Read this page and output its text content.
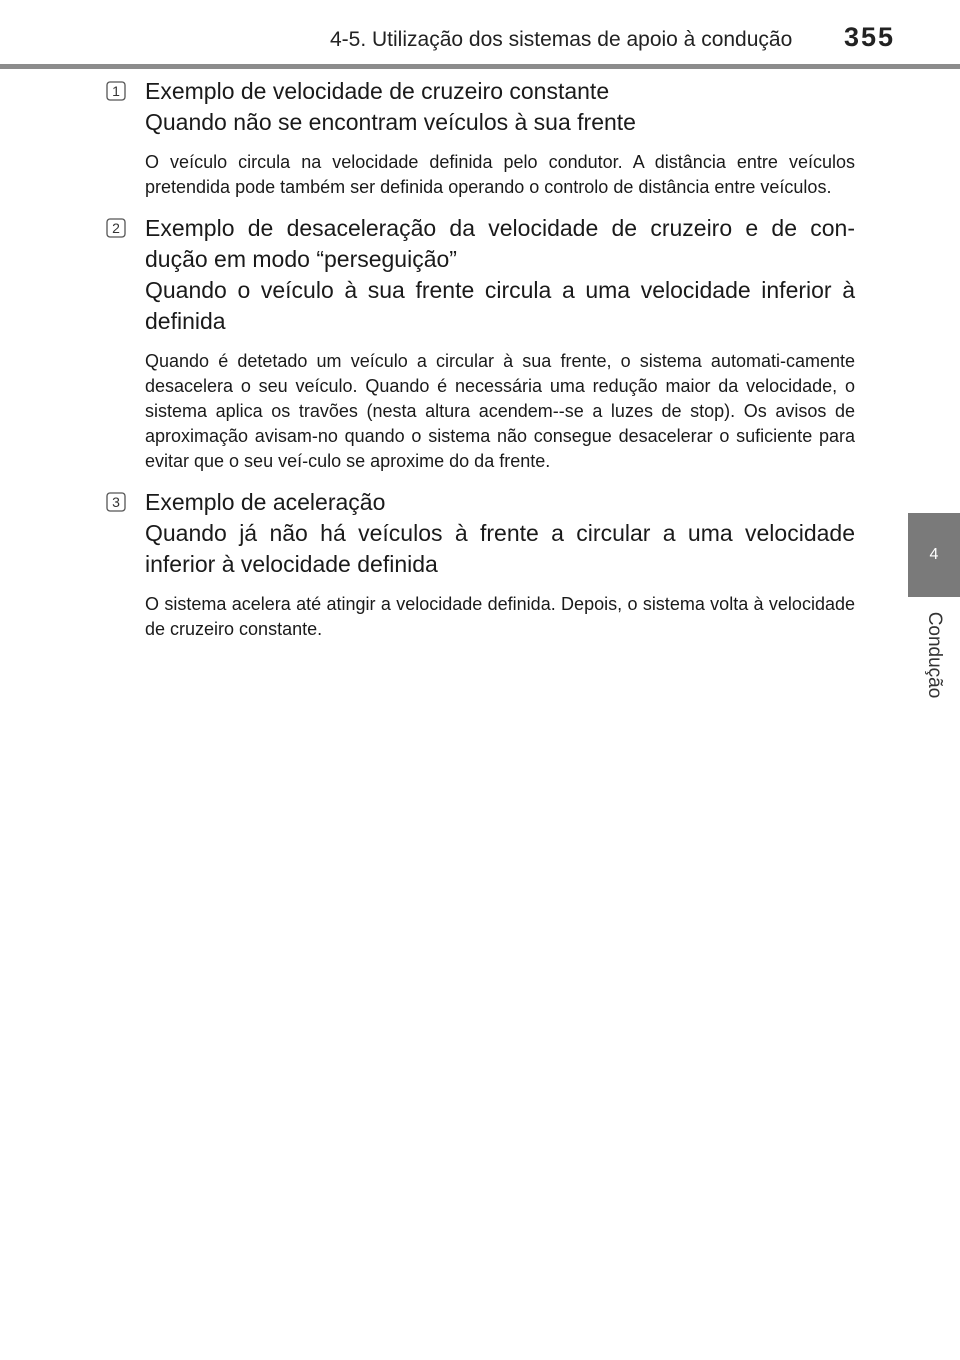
4-5. Utilização dos sistemas de apoio à condução 355
4
Condução
1 Exemplo de velocidade de cruzeiro constante
Quando não se encontram veículos à sua frente
O veículo circula na velocidade definida pelo condutor. A distância entre veículos pretendida pode também ser definida operando o controlo de distância entre veículos.
2 Exemplo de desaceleração da velocidade de cruzeiro e de con-dução em modo “perseguição”
Quando o veículo à sua frente circula a uma velocidade inferior à definida
Quando é detetado um veículo a circular à sua frente, o sistema automati-camente desacelera o seu veículo. Quando é necessária uma redução maior da velocidade, o sistema aplica os travões (nesta altura acendem--se a luzes de stop). Os avisos de aproximação avisam-no quando o sistema não consegue desacelerar o suficiente para evitar que o seu veí-culo se aproxime do da frente.
3 Exemplo de aceleração
Quando já não há veículos à frente a circular a uma velocidade inferior à velocidade definida
O sistema acelera até atingir a velocidade definida. Depois, o sistema volta à velocidade de cruzeiro constante.
